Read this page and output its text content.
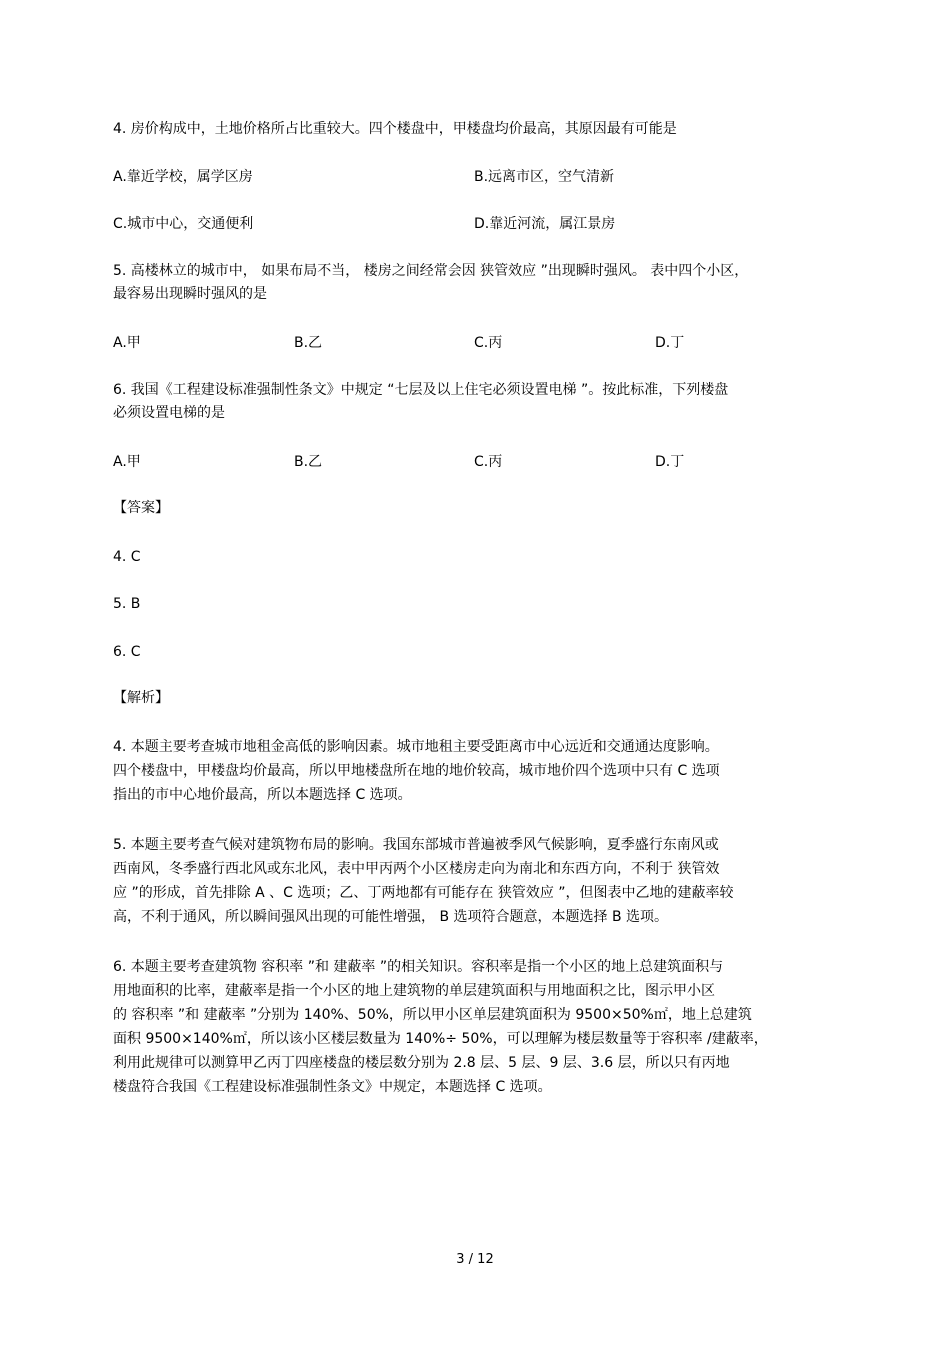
4. 房价构成中，土地价格所占比重较大。四个楼盘中，甲楼盘均价最高，其原因最有可能是
A.靠近学校，属学区房	B.远离市区，空气清新
C.城市中心，交通便利	D.靠近河流，属江景房
5. 高楼林立的城市中， 如果布局不当， 楼房之间经常会因 狭管效应 ”出现瞬时强风。 表中四个小区，
最容易出现瞬时强风的是
A.甲	B.乙	C.丙	D.丁
6. 我国《工程建设标准强制性条文》中规定 “七层及以上住宅必须设置电梯 ”。按此标准，下列楼盘
必须设置电梯的是
A.甲	B.乙	C.丙	D.丁
【答案】
4. C
5. B
6. C
【解析】

4. 本题主要考查城市地租金高低的影响因素。城市地租主要受距离市中心远近和交通通达度影响。

四个楼盘中，甲楼盘均价最高，所以甲地楼盘所在地的地价较高，城市地价四个选项中只有 C 选项

指出的市中心地价最高，所以本题选择 C 选项。

5. 本题主要考查气候对建筑物布局的影响。我国东部城市普遍被季风气候影响，夏季盛行东南风或

西南风，冬季盛行西北风或东北风，表中甲丙两个小区楼房走向为南北和东西方向，不利于 狭管效

应 ”的形成，首先排除 A 、C 选项；乙、丁两地都有可能存在 狭管效应 ”，但图表中乙地的建蔽率较

高，不利于通风，所以瞬间强风出现的可能性增强， B 选项符合题意，本题选择 B 选项。

6. 本题主要考查建筑物 容积率 ”和 建蔽率 ”的相关知识。容积率是指一个小区的地上总建筑面积与

用地面积的比率，建蔽率是指一个小区的地上建筑物的单层建筑面积与用地面积之比，图示甲小区

的 容积率 ”和 建蔽率 ”分别为 140%、50%，所以甲小区单层建筑面积为 9500×50%㎡，地上总建筑

面积 9500×140%㎡，所以该小区楼层数量为 140%÷ 50%，可以理解为楼层数量等于容积率 /建蔽率，

利用此规律可以测算甲乙丙丁四座楼盘的楼层数分别为 2.8 层、5 层、9 层、3.6 层，所以只有丙地

楼盘符合我国《工程建设标准强制性条文》中规定，本题选择 C 选项。

3 / 12
